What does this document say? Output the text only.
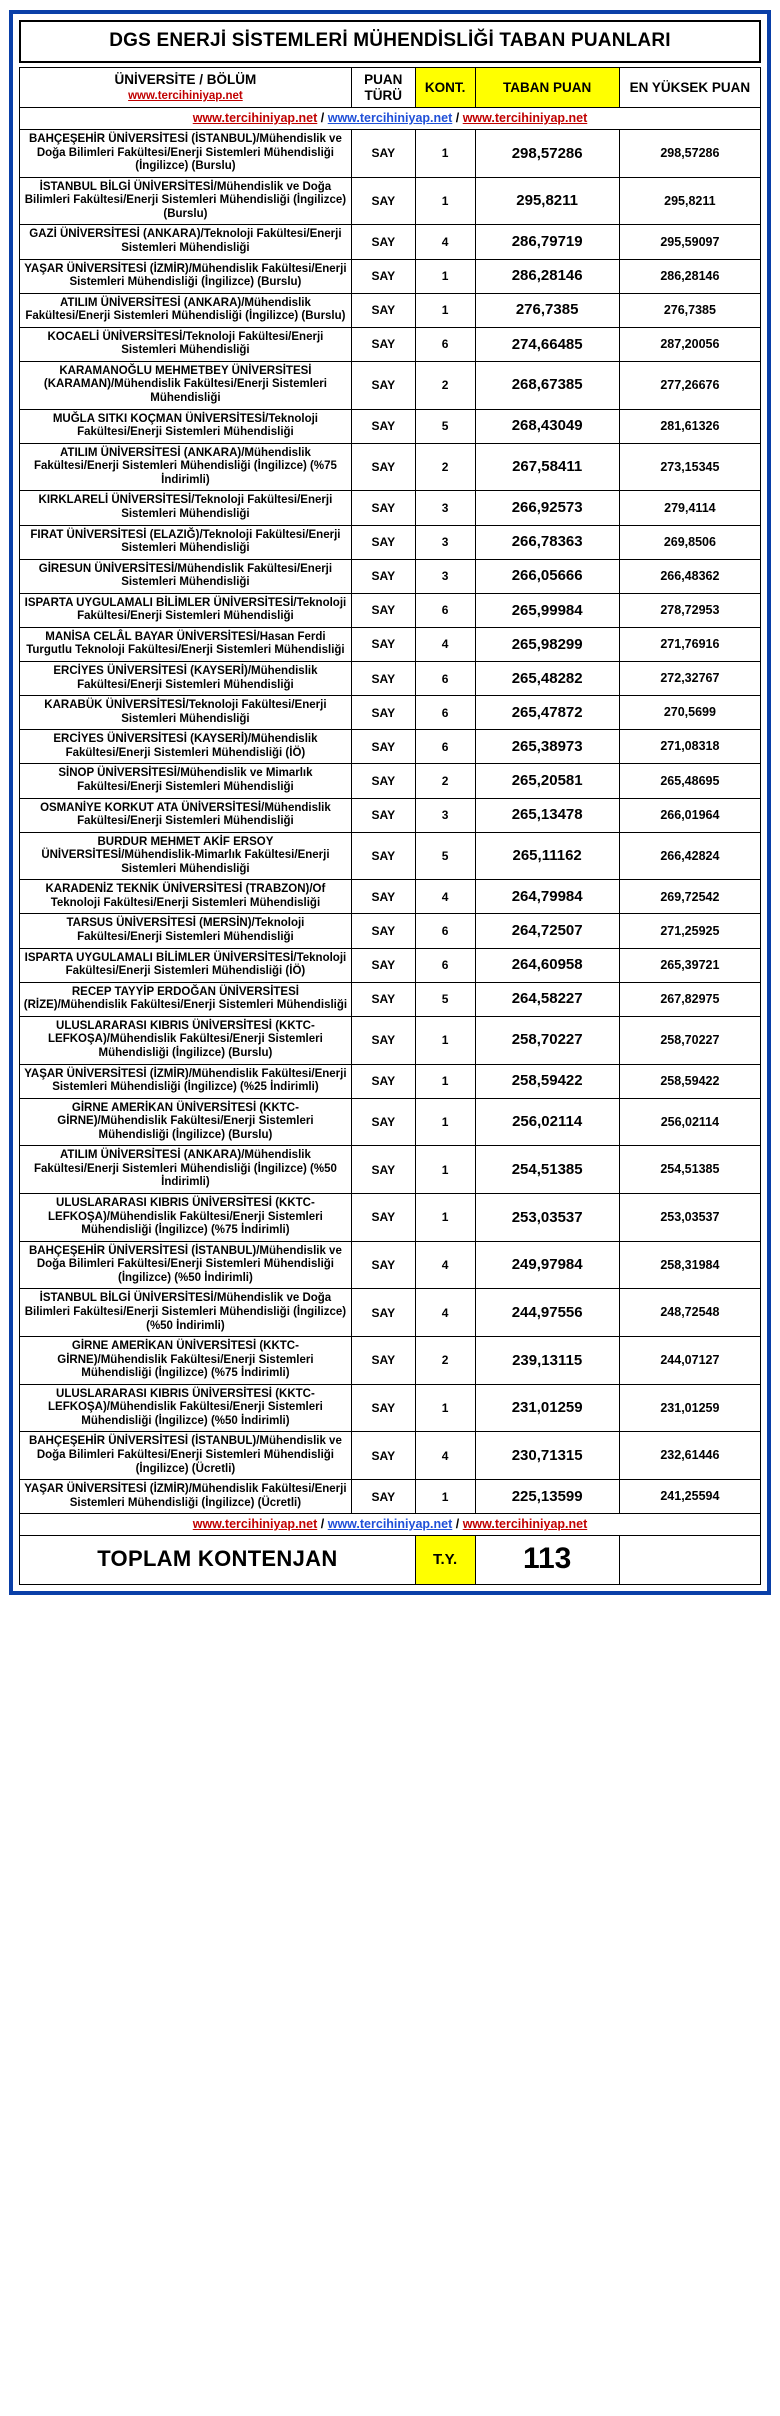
DGS ENERJİ SİSTEMLERİ MÜHENDİSLİĞİ TABAN PUANLARI
ÜNİVERSİTE / BÖLÜM
www.tercihiniyap.net	PUAN TÜRÜ	KONT.	TABAN PUAN	EN YÜKSEK PUAN
www.tercihiniyap.net / www.tercihiniyap.net / www.tercihiniyap.net				
BAHÇEŞEHİR ÜNİVERSİTESİ (İSTANBUL)/Mühendislik ve Doğa Bilimleri Fakültesi/Enerji Sistemleri Mühendisliği (İngilizce) (Burslu)	SAY	1	298,57286	298,57286
İSTANBUL BİLGİ ÜNİVERSİTESİ/Mühendislik ve Doğa Bilimleri Fakültesi/Enerji Sistemleri Mühendisliği (İngilizce) (Burslu)	SAY	1	295,8211	295,8211
GAZİ ÜNİVERSİTESİ (ANKARA)/Teknoloji Fakültesi/Enerji Sistemleri Mühendisliği	SAY	4	286,79719	295,59097
YAŞAR ÜNİVERSİTESİ (İZMİR)/Mühendislik Fakültesi/Enerji Sistemleri Mühendisliği (İngilizce) (Burslu)	SAY	1	286,28146	286,28146
ATILIM ÜNİVERSİTESİ (ANKARA)/Mühendislik Fakültesi/Enerji Sistemleri Mühendisliği (İngilizce) (Burslu)	SAY	1	276,7385	276,7385
KOCAELİ ÜNİVERSİTESİ/Teknoloji Fakültesi/Enerji Sistemleri Mühendisliği	SAY	6	274,66485	287,20056
KARAMANOĞLU MEHMETBEY ÜNİVERSİTESİ (KARAMAN)/Mühendislik Fakültesi/Enerji Sistemleri Mühendisliği	SAY	2	268,67385	277,26676
MUĞLA SITKI KOÇMAN ÜNİVERSİTESİ/Teknoloji Fakültesi/Enerji Sistemleri Mühendisliği	SAY	5	268,43049	281,61326
ATILIM ÜNİVERSİTESİ (ANKARA)/Mühendislik Fakültesi/Enerji Sistemleri Mühendisliği (İngilizce) (%75 İndirimli)	SAY	2	267,58411	273,15345
KIRKLARELİ ÜNİVERSİTESİ/Teknoloji Fakültesi/Enerji Sistemleri Mühendisliği	SAY	3	266,92573	279,4114
FIRAT ÜNİVERSİTESİ (ELAZIĞ)/Teknoloji Fakültesi/Enerji Sistemleri Mühendisliği	SAY	3	266,78363	269,8506
GİRESUN ÜNİVERSİTESİ/Mühendislik Fakültesi/Enerji Sistemleri Mühendisliği	SAY	3	266,05666	266,48362
ISPARTA UYGULAMALI BİLİMLER ÜNİVERSİTESİ/Teknoloji Fakültesi/Enerji Sistemleri Mühendisliği	SAY	6	265,99984	278,72953
MANİSA CELÂL BAYAR ÜNİVERSİTESİ/Hasan Ferdi Turgutlu Teknoloji Fakültesi/Enerji Sistemleri Mühendisliği	SAY	4	265,98299	271,76916
ERCİYES ÜNİVERSİTESİ (KAYSERİ)/Mühendislik Fakültesi/Enerji Sistemleri Mühendisliği	SAY	6	265,48282	272,32767
KARABÜK ÜNİVERSİTESİ/Teknoloji Fakültesi/Enerji Sistemleri Mühendisliği	SAY	6	265,47872	270,5699
ERCİYES ÜNİVERSİTESİ (KAYSERİ)/Mühendislik Fakültesi/Enerji Sistemleri Mühendisliği (İÖ)	SAY	6	265,38973	271,08318
SİNOP ÜNİVERSİTESİ/Mühendislik ve Mimarlık Fakültesi/Enerji Sistemleri Mühendisliği	SAY	2	265,20581	265,48695
OSMANİYE KORKUT ATA ÜNİVERSİTESİ/Mühendislik Fakültesi/Enerji Sistemleri Mühendisliği	SAY	3	265,13478	266,01964
BURDUR MEHMET AKİF ERSOY ÜNİVERSİTESİ/Mühendislik-Mimarlık Fakültesi/Enerji Sistemleri Mühendisliği	SAY	5	265,11162	266,42824
KARADENİZ TEKNİK ÜNİVERSİTESİ (TRABZON)/Of Teknoloji Fakültesi/Enerji Sistemleri Mühendisliği	SAY	4	264,79984	269,72542
TARSUS ÜNİVERSİTESİ (MERSİN)/Teknoloji Fakültesi/Enerji Sistemleri Mühendisliği	SAY	6	264,72507	271,25925
ISPARTA UYGULAMALI BİLİMLER ÜNİVERSİTESİ/Teknoloji Fakültesi/Enerji Sistemleri Mühendisliği (İÖ)	SAY	6	264,60958	265,39721
RECEP TAYYİP ERDOĞAN ÜNİVERSİTESİ (RİZE)/Mühendislik Fakültesi/Enerji Sistemleri Mühendisliği	SAY	5	264,58227	267,82975
ULUSLARARASI KIBRIS ÜNİVERSİTESİ (KKTC-LEFKOŞA)/Mühendislik Fakültesi/Enerji Sistemleri Mühendisliği (İngilizce) (Burslu)	SAY	1	258,70227	258,70227
YAŞAR ÜNİVERSİTESİ (İZMİR)/Mühendislik Fakültesi/Enerji Sistemleri Mühendisliği (İngilizce) (%25 İndirimli)	SAY	1	258,59422	258,59422
GİRNE AMERİKAN ÜNİVERSİTESİ (KKTC-GİRNE)/Mühendislik Fakültesi/Enerji Sistemleri Mühendisliği (İngilizce) (Burslu)	SAY	1	256,02114	256,02114
ATILIM ÜNİVERSİTESİ (ANKARA)/Mühendislik Fakültesi/Enerji Sistemleri Mühendisliği (İngilizce) (%50 İndirimli)	SAY	1	254,51385	254,51385
ULUSLARARASI KIBRIS ÜNİVERSİTESİ (KKTC-LEFKOŞA)/Mühendislik Fakültesi/Enerji Sistemleri Mühendisliği (İngilizce) (%75 İndirimli)	SAY	1	253,03537	253,03537
BAHÇEŞEHİR ÜNİVERSİTESİ (İSTANBUL)/Mühendislik ve Doğa Bilimleri Fakültesi/Enerji Sistemleri Mühendisliği (İngilizce) (%50 İndirimli)	SAY	4	249,97984	258,31984
İSTANBUL BİLGİ ÜNİVERSİTESİ/Mühendislik ve Doğa Bilimleri Fakültesi/Enerji Sistemleri Mühendisliği (İngilizce) (%50 İndirimli)	SAY	4	244,97556	248,72548
GİRNE AMERİKAN ÜNİVERSİTESİ (KKTC-GİRNE)/Mühendislik Fakültesi/Enerji Sistemleri Mühendisliği (İngilizce) (%75 İndirimli)	SAY	2	239,13115	244,07127
ULUSLARARASI KIBRIS ÜNİVERSİTESİ (KKTC-LEFKOŞA)/Mühendislik Fakültesi/Enerji Sistemleri Mühendisliği (İngilizce) (%50 İndirimli)	SAY	1	231,01259	231,01259
BAHÇEŞEHİR ÜNİVERSİTESİ (İSTANBUL)/Mühendislik ve Doğa Bilimleri Fakültesi/Enerji Sistemleri Mühendisliği (İngilizce) (Ücretli)	SAY	4	230,71315	232,61446
YAŞAR ÜNİVERSİTESİ (İZMİR)/Mühendislik Fakültesi/Enerji Sistemleri Mühendisliği (İngilizce) (Ücretli)	SAY	1	225,13599	241,25594
www.tercihiniyap.net / www.tercihiniyap.net / www.tercihiniyap.net				
TOPLAM KONTENJAN		T.Y.	113	
